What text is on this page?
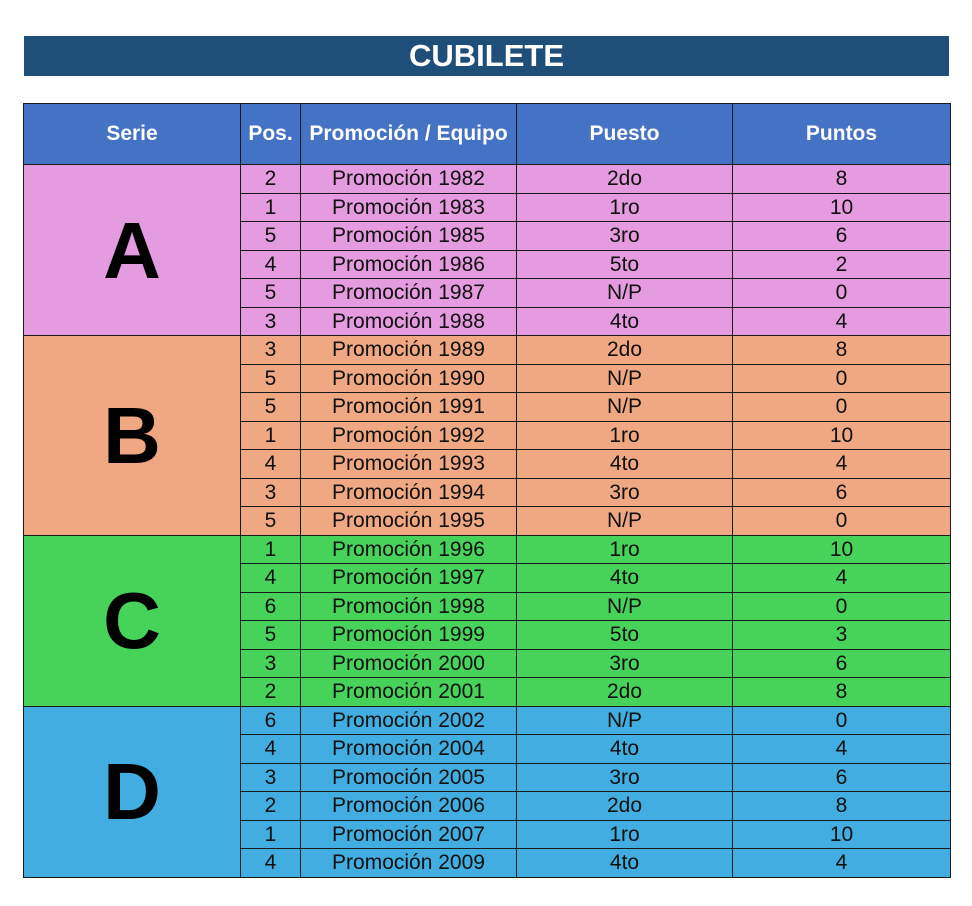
CUBILETE
Serie	Pos.	Promoción / Equipo	Puesto	Puntos
A	2	Promoción 1982	2do	8
	1	Promoción 1983	1ro	10
	5	Promoción 1985	3ro	6
	4	Promoción 1986	5to	2
	5	Promoción 1987	N/P	0
	3	Promoción 1988	4to	4
B	3	Promoción 1989	2do	8
	5	Promoción 1990	N/P	0
	5	Promoción 1991	N/P	0
	1	Promoción 1992	1ro	10
	4	Promoción 1993	4to	4
	3	Promoción 1994	3ro	6
	5	Promoción 1995	N/P	0
C	1	Promoción 1996	1ro	10
	4	Promoción 1997	4to	4
	6	Promoción 1998	N/P	0
	5	Promoción 1999	5to	3
	3	Promoción 2000	3ro	6
	2	Promoción 2001	2do	8
D	6	Promoción 2002	N/P	0
	4	Promoción 2004	4to	4
	3	Promoción 2005	3ro	6
	2	Promoción 2006	2do	8
	1	Promoción 2007	1ro	10
	4	Promoción 2009	4to	4
